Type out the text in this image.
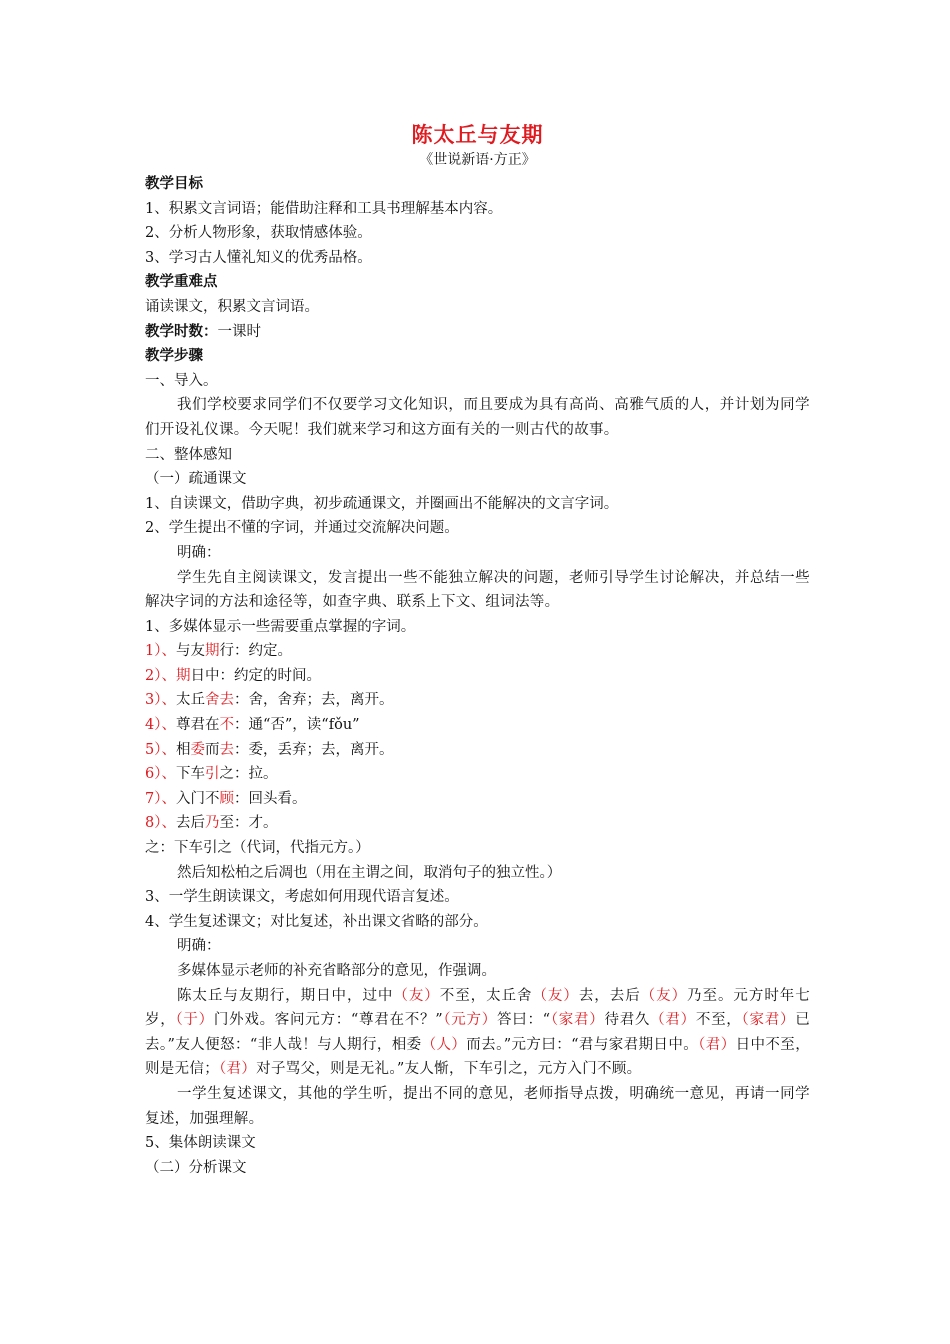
陈太丘与友期
《世说新语·方正》
教学目标
1、积累文言词语；能借助注释和工具书理解基本内容。
2、分析人物形象，获取情感体验。
3、学习古人懂礼知义的优秀品格。
教学重难点
诵读课文，积累文言词语。
教学时数：一课时
教学步骤
一、导入。
我们学校要求同学们不仅要学习文化知识，而且要成为具有高尚、高雅气质的人，并计划为同学们开设礼仪课。今天呢！我们就来学习和这方面有关的一则古代的故事。
二、整体感知
（一）疏通课文
1、自读课文，借助字典，初步疏通课文，并圈画出不能解决的文言字词。
2、学生提出不懂的字词，并通过交流解决问题。
明确：
学生先自主阅读课文，发言提出一些不能独立解决的问题，老师引导学生讨论解决，并总结一些解决字词的方法和途径等，如查字典、联系上下文、组词法等。
1、多媒体显示一些需要重点掌握的字词。
1）、与友期行：约定。
2）、期日中：约定的时间。
3）、太丘舍去：舍，舍弃；去，离开。
4）、尊君在不：通“否”，读“fǒu”
5）、相委而去：委，丢弃；去，离开。
6）、下车引之：拉。
7）、入门不顾：回头看。
8）、去后乃至：才。
之：下车引之（代词，代指元方。）
然后知松柏之后凋也（用在主谓之间，取消句子的独立性。）
3、一学生朗读课文，考虑如何用现代语言复述。
4、学生复述课文；对比复述，补出课文省略的部分。
明确：
多媒体显示老师的补充省略部分的意见，作强调。
陈太丘与友期行，期日中，过中（友）不至，太丘舍（友）去，去后（友）乃至。元方时年七岁，（于）门外戏。客问元方：“尊君在不？”（元方）答曰：“（家君）待君久（君）不至，（家君）已去。”友人便怒：“非人哉！与人期行，相委（人）而去。”元方曰：“君与家君期日中。（君）日中不至，则是无信；（君）对子骂父，则是无礼。”友人惭，下车引之，元方入门不顾。
一学生复述课文，其他的学生听，提出不同的意见，老师指导点拨，明确统一意见，再请一同学复述，加强理解。
5、集体朗读课文
（二）分析课文
